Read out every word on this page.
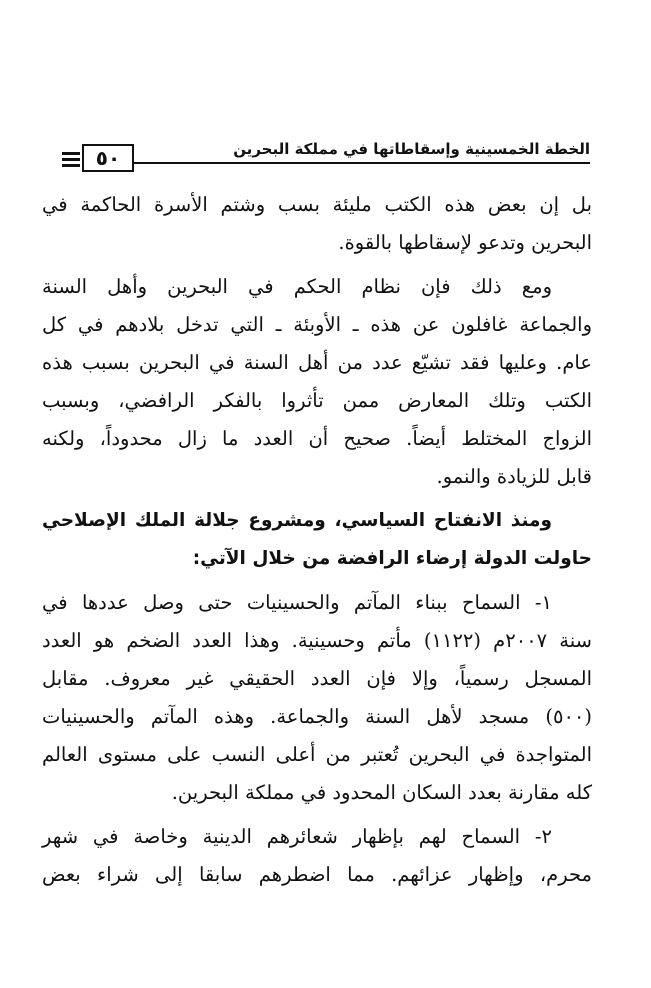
الخطة الخمسينية وإسقاطاتها في مملكة البحرين
٥٠
بل إن بعض هذه الكتب مليئة بسب وشتم الأسرة الحاكمة في
البحرين وتدعو لإسقاطها بالقوة.
ومع ذلك فإن نظام الحكم في البحرين وأهل السنة
والجماعة غافلون عن هذه ـ الأوبئة ـ التي تدخل بلادهم في كل
عام. وعليها فقد تشيّع عدد من أهل السنة في البحرين بسبب هذه
الكتب وتلك المعارض ممن تأثروا بالفكر الرافضي، وبسبب
الزواج المختلط أيضاً. صحيح أن العدد ما زال محدوداً، ولكنه
قابل للزيادة والنمو.
ومنذ الانفتاح السياسي، ومشروع جلالة الملك الإصلاحي
حاولت الدولة إرضاء الرافضة من خلال الآتي:
١- السماح ببناء المآتم والحسينيات حتى وصل عددها في
سنة ٢٠٠٧م (١١٢٢) مأتم وحسينية. وهذا العدد الضخم هو العدد
المسجل رسمياً، وإلا فإن العدد الحقيقي غير معروف. مقابل
(٥٠٠) مسجد لأهل السنة والجماعة. وهذه المآتم والحسينيات
المتواجدة في البحرين تُعتبر من أعلى النسب على مستوى العالم
كله مقارنة بعدد السكان المحدود في مملكة البحرين.
٢- السماح لهم بإظهار شعائرهم الدينية وخاصة في شهر
محرم، وإظهار عزائهم. مما اضطرهم سابقا إلى شراء بعض
